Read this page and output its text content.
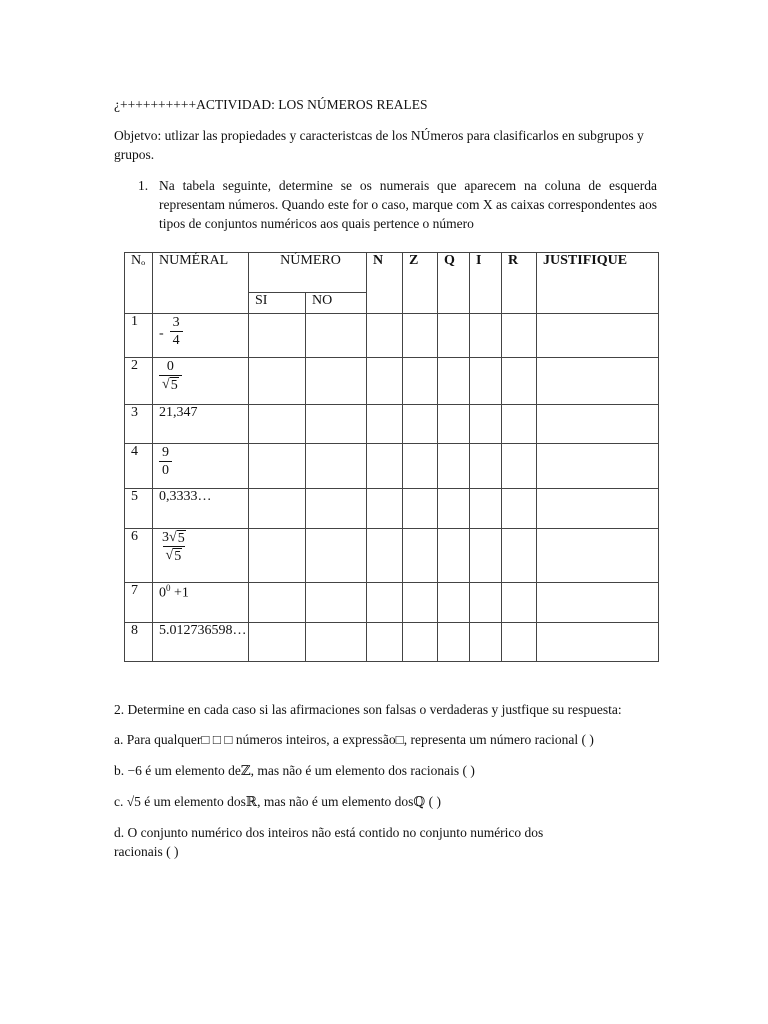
¿++++++++++ACTIVIDAD: LOS NÚMEROS REALES
Objetvo: utlizar las propiedades y caracteristcas de los NÚmeros para clasificarlos en subgrupos y grupos.
1. Na tabela seguinte, determine se os numerais que aparecem na coluna de esquerda representam números. Quando este for o caso, marque com X as caixas correspondentes aos tipos de conjuntos numéricos aos quais pertence o número
Nₒ	NUMÉRAL	NÚMERO		N	Z	Q	I	R	JUSTIFIQUE
		SI	NO						
1	- $\frac{3}{4}$

2	$\frac{0}{√ 5}$

3	21,347								
4	$\frac{9}{0}$

5	0,3333…								
6	$\frac{3 √ 5}{√ 5}$

7	$0^0 +1$								
8	5.012736598…								
2. Determine en cada caso si las afirmaciones son falsas o verdaderas y justfique su respuesta:
a. Para qualquer□ □ □ números inteiros, a expressão□, representa um número racional ( )
b. −6 é um elemento deℤ, mas não é um elemento dos racionais ( )
c. √5 é um elemento dosℝ, mas não é um elemento dosℚ ( )
d. O conjunto numérico dos inteiros não está contido no conjunto numérico dos
racionais ( )
